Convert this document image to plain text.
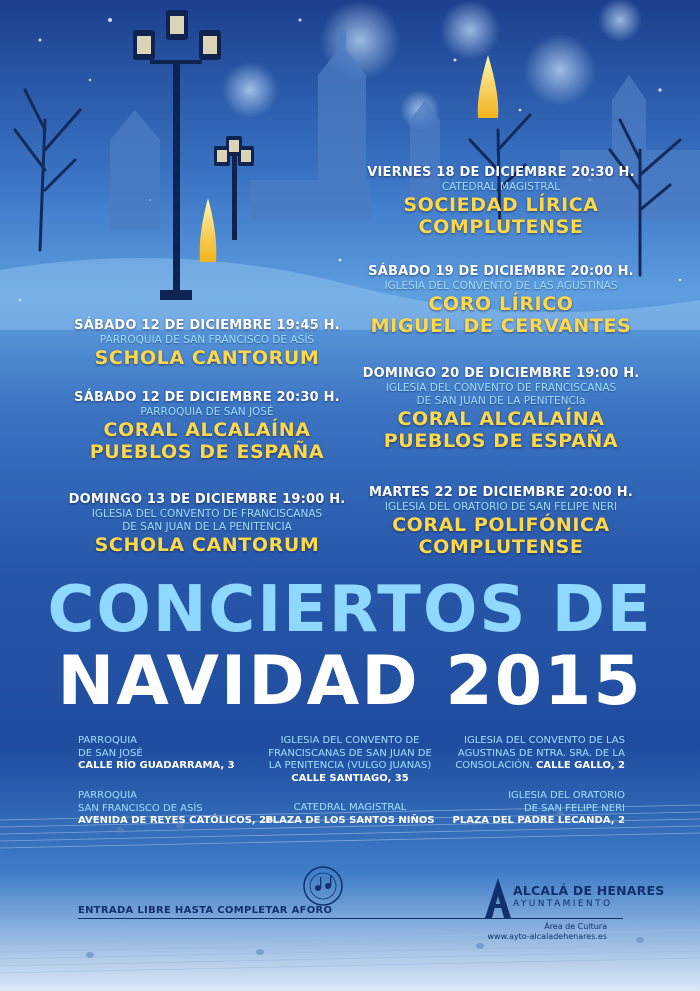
VIERNES 18 DE DICIEMBRE 20:30 H.
CATEDRAL MAGISTRAL
SOCIEDAD LÍRICA
COMPLUTENSE
SÁBADO 19 DE DICIEMBRE 20:00 H.
IGLESIA DEL CONVENTO DE LAS AGUSTINAS
CORO LÍRICO
MIGUEL DE CERVANTES
DOMINGO 20 DE DICIEMBRE 19:00 H.
IGLESIA DEL CONVENTO DE FRANCISCANAS
DE SAN JUAN DE LA PENITENCIa
CORAL ALCALAÍNA
PUEBLOS DE ESPAÑA
MARTES 22 DE DICIEMBRE 20:00 H.
IGLESIA DEL ORATORIO DE SAN FELIPE NERI
CORAL POLIFÓNICA
COMPLUTENSE
SÁBADO 12 DE DICIEMBRE 19:45 H.
PARROQUIA DE SAN FRANCISCO DE ASÍS
SCHOLA CANTORUM
SÁBADO 12 DE DICIEMBRE 20:30 H.
PARROQUIA DE SAN JOSÉ
CORAL ALCALAÍNA
PUEBLOS DE ESPAÑA
DOMINGO 13 DE DICIEMBRE 19:00 H.
IGLESIA DEL CONVENTO DE FRANCISCANAS
DE SAN JUAN DE LA PENITENCIA
SCHOLA CANTORUM
CONCIERTOS DE
NAVIDAD 2015
PARROQUIA
DE SAN JOSÉ
CALLE RÍO GUADARRAMA, 3
IGLESIA DEL CONVENTO DE
FRANCISCANAS DE SAN JUAN DE
LA PENITENCIA (VULGO JUANAS)
CALLE SANTIAGO, 35
IGLESIA DEL CONVENTO DE LAS
AGUSTINAS DE NTRA. SRA. DE LA
CONSOLACIÓN. CALLE GALLO, 2
PARROQUIA
SAN FRANCISCO DE ASÍS
AVENIDA DE REYES CATÓLICOS, 26
CATEDRAL MAGISTRAL
PLAZA DE LOS SANTOS NIÑOS
IGLESIA DEL ORATORIO
DE SAN FELIPE NERI
PLAZA DEL PADRE LECANDA, 2
ENTRADA LIBRE HASTA COMPLETAR AFORO
ALCALÁ DE HENARES
AYUNTAMIENTO
Área de Cultura
www.ayto-alcaladehenares.es
